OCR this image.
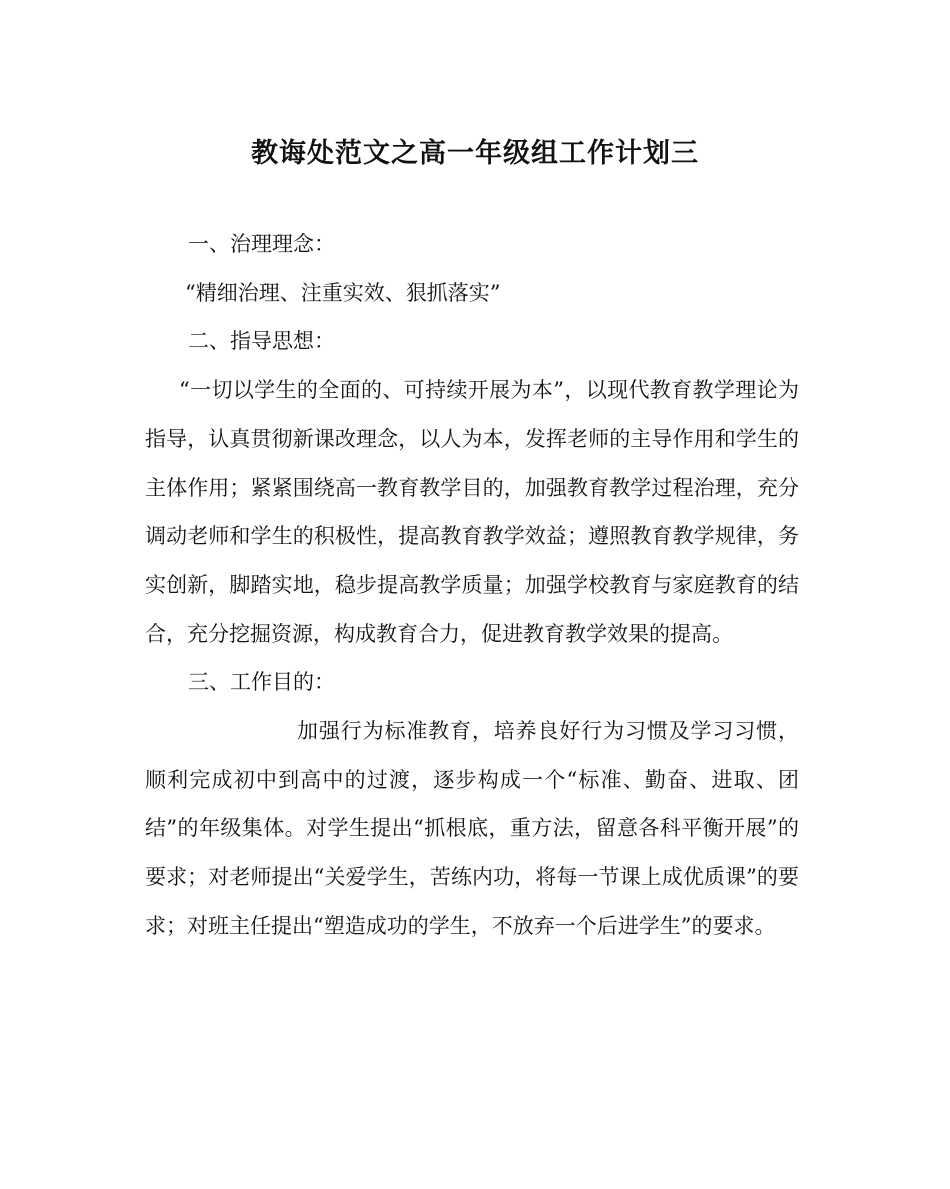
教诲处范文之高一年级组工作计划三

一、治理理念：

“精细治理、注重实效、狠抓落实”

二、指导思想：

“一切以学生的全面的、可持续开展为本”，以现代教育教学理论为指导，认真贯彻新课改理念，以人为本，发挥老师的主导作用和学生的主体作用；紧紧围绕高一教育教学目的，加强教育教学过程治理，充分调动老师和学生的积极性，提高教育教学效益；遵照教育教学规律，务实创新，脚踏实地，稳步提高教学质量；加强学校教育与家庭教育的结合，充分挖掘资源，构成教育合力，促进教育教学效果的提高。

三、工作目的：

加强行为标准教育，培养良好行为习惯及学习习惯，顺利完成初中到高中的过渡，逐步构成一个“标准、勤奋、进取、团结”的年级集体。对学生提出“抓根底，重方法，留意各科平衡开展”的要求；对老师提出“关爱学生，苦练内功，将每一节课上成优质课”的要求；对班主任提出“塑造成功的学生，不放弃一个后进学生”的要求。
